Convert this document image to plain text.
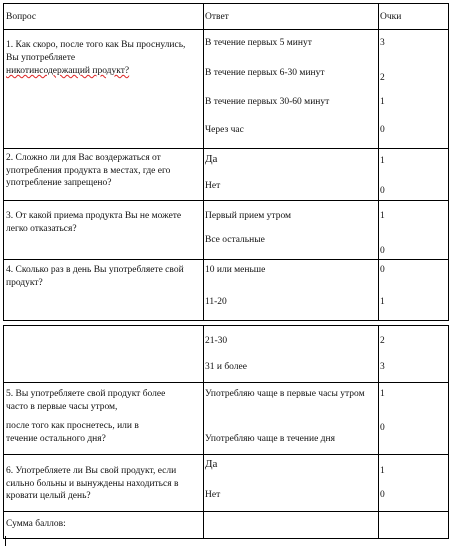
Вопрос	Ответ	Очки
1. Как скоро, после того как Вы проснулись,
Вы употребляете
никотинсодержащий продукт?
В течение первых 5 минут
В течение первых 6-30 минут
В течение первых 30-60 минут
Через час
3
2
1
0
2. Сложно ли для Вас воздержаться от употребления продукта в местах, где его употребление запрещено?
Да
Нет
1
0
3. От какой приема продукта Вы не можете легко отказаться?
Первый прием утром
Все остальные
1
0
4. Сколько раз в день Вы употребляете свой продукт?
10 или меньше
11-20
0
1
21-30
31 и более
2
3
5. Вы употребляете свой продукт более часто в первые часы утром,
после того как проснетесь, или в течение остального дня?
Употребляю чаще в первые часы утром
Употребляю чаще в течение дня
1
0
6. Употребляете ли Вы свой продукт, если сильно больны и вынуждены находиться в кровати целый день?
Да
Нет
1
0
Сумма баллов:
